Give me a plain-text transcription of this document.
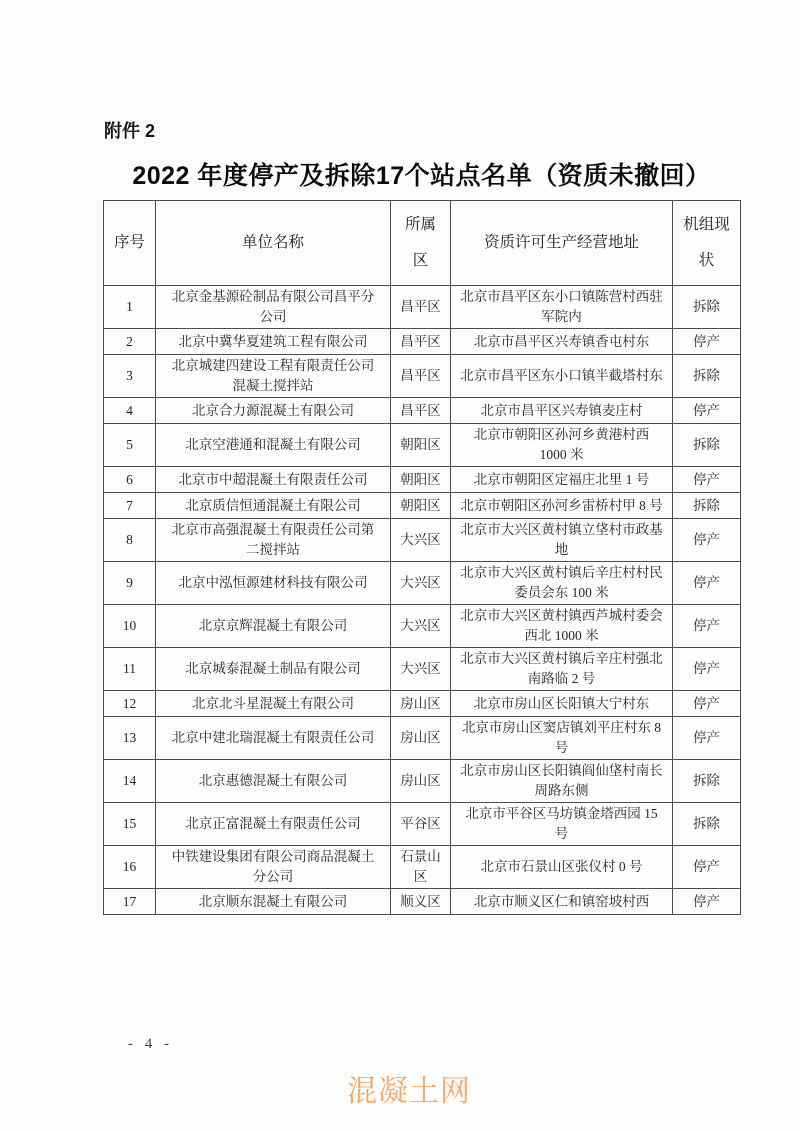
附件 2
2022 年度停产及拆除17个站点名单（资质未撤回）
序号	单位名称	所属区	资质许可生产经营地址	机组现状
1	北京金基源砼制品有限公司昌平分公司	昌平区	北京市昌平区东小口镇陈营村西驻军院内	拆除
2	北京中冀华夏建筑工程有限公司	昌平区	北京市昌平区兴寿镇香屯村东	停产
3	北京城建四建设工程有限责任公司混凝土搅拌站	昌平区	北京市昌平区东小口镇半截塔村东	拆除
4	北京合力源混凝土有限公司	昌平区	北京市昌平区兴寿镇麦庄村	停产
5	北京空港通和混凝土有限公司	朝阳区	北京市朝阳区孙河乡黄港村西 1000 米	拆除
6	北京市中超混凝土有限责任公司	朝阳区	北京市朝阳区定福庄北里 1 号	停产
7	北京质信恒通混凝土有限公司	朝阳区	北京市朝阳区孙河乡雷桥村甲 8 号	拆除
8	北京市高强混凝土有限责任公司第二搅拌站	大兴区	北京市大兴区黄村镇立垡村市政基地	停产
9	北京中泓恒源建材科技有限公司	大兴区	北京市大兴区黄村镇后辛庄村村民委员会东 100 米	停产
10	北京京辉混凝土有限公司	大兴区	北京市大兴区黄村镇西芦城村委会西北 1000 米	停产
11	北京城泰混凝土制品有限公司	大兴区	北京市大兴区黄村镇后辛庄村强北南路临 2 号	停产
12	北京北斗星混凝土有限公司	房山区	北京市房山区长阳镇大宁村东	停产
13	北京中建北瑞混凝土有限责任公司	房山区	北京市房山区窦店镇刘平庄村东 8 号	停产
14	北京惠德混凝土有限公司	房山区	北京市房山区长阳镇阎仙垡村南长周路东侧	拆除
15	北京正富混凝土有限责任公司	平谷区	北京市平谷区马坊镇金塔西园 15 号	拆除
16	中铁建设集团有限公司商品混凝土分公司	石景山区	北京市石景山区张仪村 0 号	停产
17	北京顺东混凝土有限公司	顺义区	北京市顺义区仁和镇窑坡村西	停产
- 4 -
混凝土网
